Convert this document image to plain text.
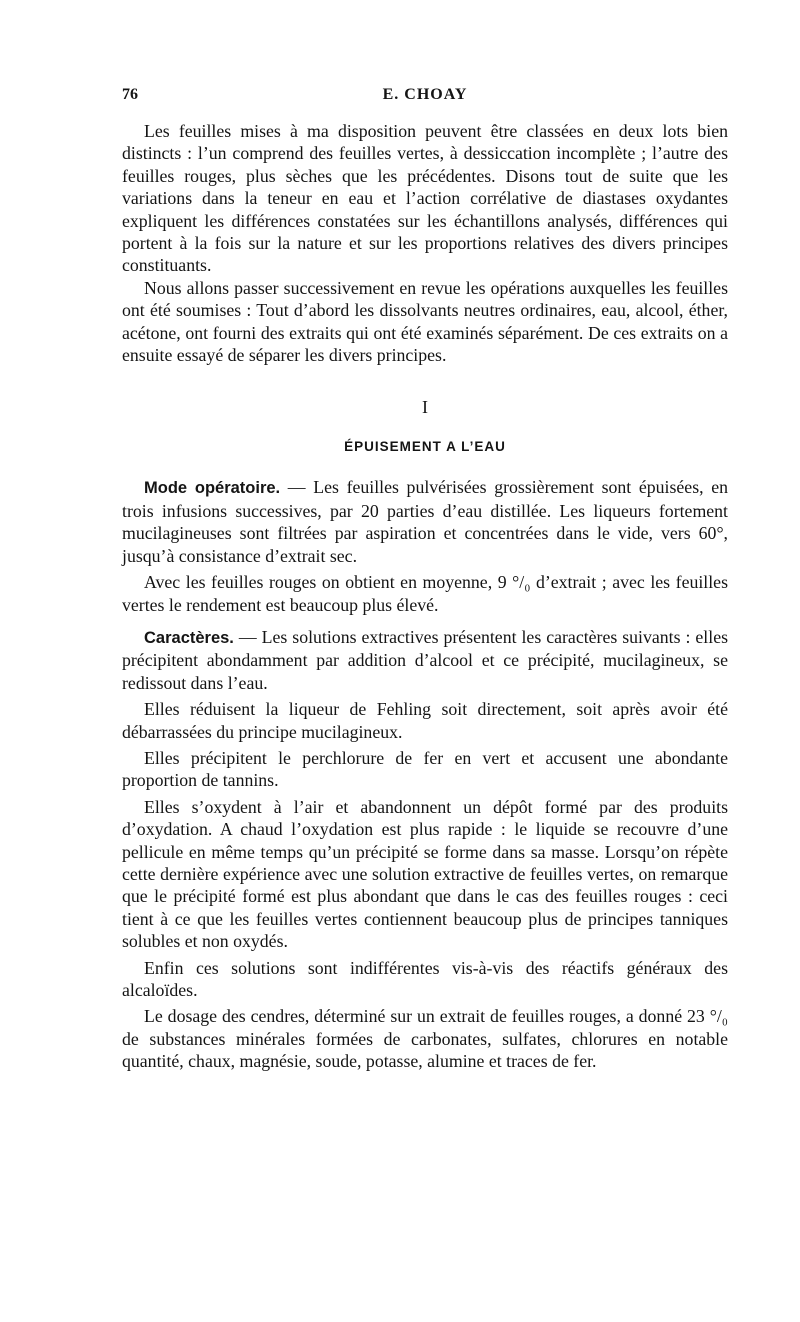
76	E. CHOAY

Les feuilles mises à ma disposition peuvent être classées en deux lots bien distincts : l’un comprend des feuilles vertes, à dessiccation incomplète ; l’autre des feuilles rouges, plus sèches que les précédentes. Disons tout de suite que les variations dans la teneur en eau et l’action corrélative de diastases oxydantes expliquent les différences constatées sur les échantillons analysés, différences qui portent à la fois sur la nature et sur les proportions relatives des divers principes constituants.

Nous allons passer successivement en revue les opérations auxquelles les feuilles ont été soumises : Tout d’abord les dissolvants neutres ordinaires, eau, alcool, éther, acétone, ont fourni des extraits qui ont été examinés séparément. De ces extraits on a ensuite essayé de séparer les divers principes.

I
ÉPUISEMENT A L’EAU

Mode opératoire. — Les feuilles pulvérisées grossièrement sont épuisées, en trois infusions successives, par 20 parties d’eau distillée. Les liqueurs fortement mucilagineuses sont filtrées par aspiration et concentrées dans le vide, vers 60°, jusqu’à consistance d’extrait sec.

Avec les feuilles rouges on obtient en moyenne, 9 °/₀ d’extrait ; avec les feuilles vertes le rendement est beaucoup plus élevé.

Caractères. — Les solutions extractives présentent les caractères suivants : elles précipitent abondamment par addition d’alcool et ce précipité, mucilagineux, se redissout dans l’eau.

Elles réduisent la liqueur de Fehling soit directement, soit après avoir été débarrassées du principe mucilagineux.

Elles précipitent le perchlorure de fer en vert et accusent une abondante proportion de tannins.

Elles s’oxydent à l’air et abandonnent un dépôt formé par des produits d’oxydation. A chaud l’oxydation est plus rapide : le liquide se recouvre d’une pellicule en même temps qu’un précipité se forme dans sa masse. Lorsqu’on répète cette dernière expérience avec une solution extractive de feuilles vertes, on remarque que le précipité formé est plus abondant que dans le cas des feuilles rouges : ceci tient à ce que les feuilles vertes contiennent beaucoup plus de principes tanniques solubles et non oxydés.

Enfin ces solutions sont indifférentes vis-à-vis des réactifs généraux des alcaloïdes.

Le dosage des cendres, déterminé sur un extrait de feuilles rouges, a donné 23 °/₀ de substances minérales formées de carbonates, sulfates, chlorures en notable quantité, chaux, magnésie, soude, potasse, alumine et traces de fer.
